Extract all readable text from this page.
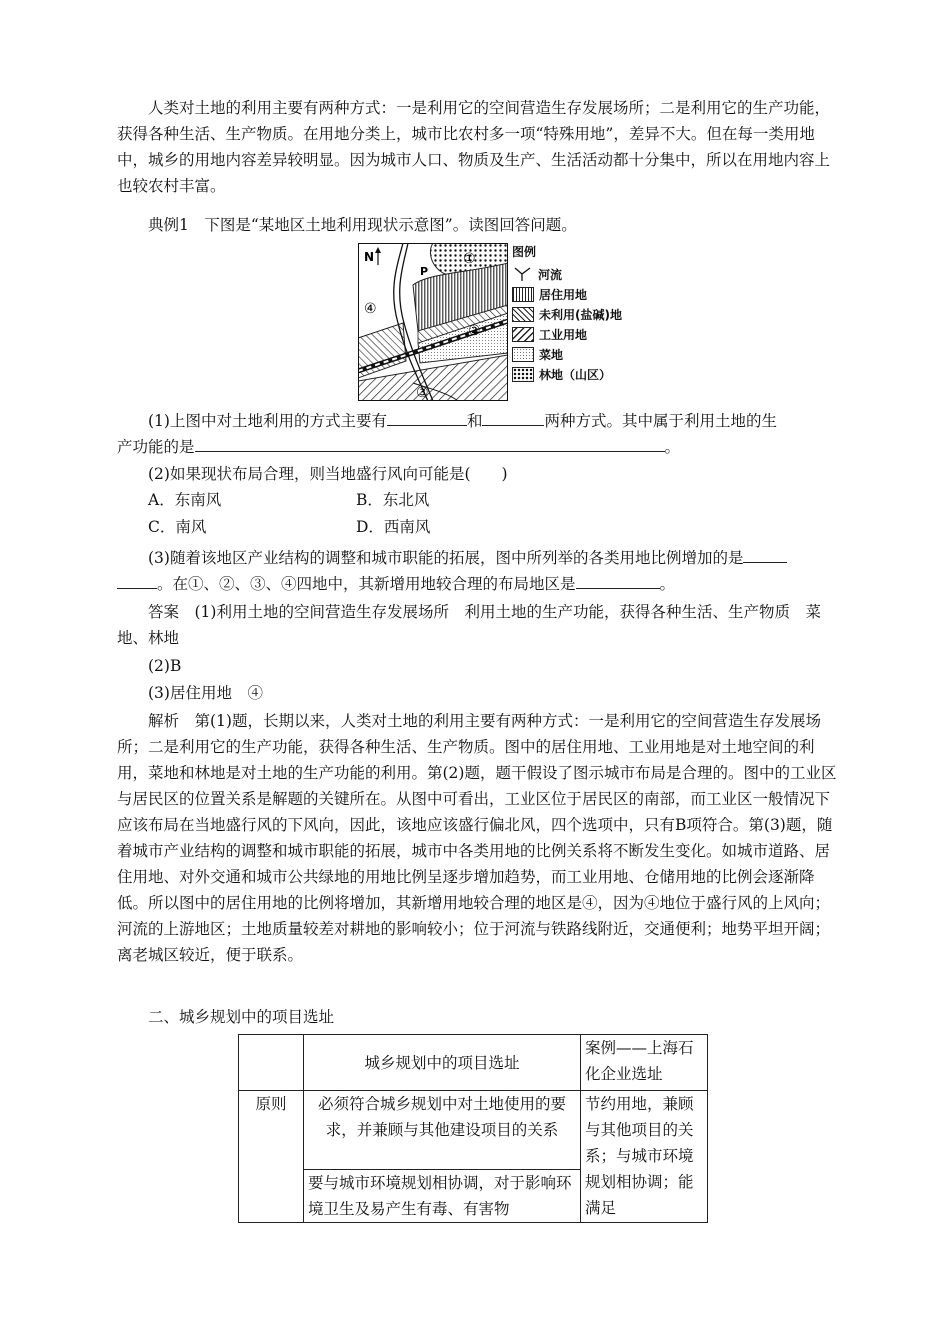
人类对土地的利用主要有两种方式：一是利用它的空间营造生存发展场所；二是利用它的生产功能，获得各种生活、生产物质。在用地分类上，城市比农村多一项“特殊用地”，差异不大。但在每一类用地中，城乡的用地内容差异较明显。因为城市人口、物质及生产、生活活动都十分集中，所以在用地内容上也较农村丰富。

典例1　下图是“某地区土地利用现状示意图”。读图回答问题。
N
P
①
②
③
④
图例
河流
居住用地
未利用(盐碱)地
工业用地
菜地
林地（山区）
(1)上图中对土地利用的方式主要有	和	两种方式。其中属于利用土地的生
产功能的是	。
(2)如果现状布局合理，则当地盛行风向可能是(　　)
A．东南风	B．东北风
C．南风	D．西南风
(3)随着该地区产业结构的调整和城市职能的拓展，图中所列举的各类用地比例增加的是
。在①、②、③、④四地中，其新增用地较合理的布局地区是	。

答案　(1)利用土地的空间营造生存发展场所　利用土地的生产功能，获得各种生活、生产物质　菜地、林地

(2)B
(3)居住用地　④

解析　第(1)题，长期以来，人类对土地的利用主要有两种方式：一是利用它的空间营造生存发展场所；二是利用它的生产功能，获得各种生活、生产物质。图中的居住用地、工业用地是对土地空间的利用，菜地和林地是对土地的生产功能的利用。第(2)题，题干假设了图示城市布局是合理的。图中的工业区与居民区的位置关系是解题的关键所在。从图中可看出，工业区位于居民区的南部，而工业区一般情况下应该布局在当地盛行风的下风向，因此，该地应该盛行偏北风，四个选项中，只有B项符合。第(3)题，随着城市产业结构的调整和城市职能的拓展，城市中各类用地的比例关系将不断发生变化。如城市道路、居住用地、对外交通和城市公共绿地的用地比例呈逐步增加趋势，而工业用地、仓储用地的比例会逐渐降低。所以图中的居住用地的比例将增加，其新增用地较合理的地区是④，因为④地位于盛行风的上风向；河流的上游地区；土地质量较差对耕地的影响较小；位于河流与铁路线附近，交通便利；地势平坦开阔；离老城区较近，便于联系。

二、城乡规划中的项目选址
	城乡规划中的项目选址	案例——上海石化企业选址
原则	必须符合城乡规划中对土地使用的要求，并兼顾与其他建设项目的关系	节约用地，兼顾与其他项目的关系；与城市环境规划相协调；能满足
	要与城市环境规划相协调，对于影响环境卫生及易产生有毒、有害物	
